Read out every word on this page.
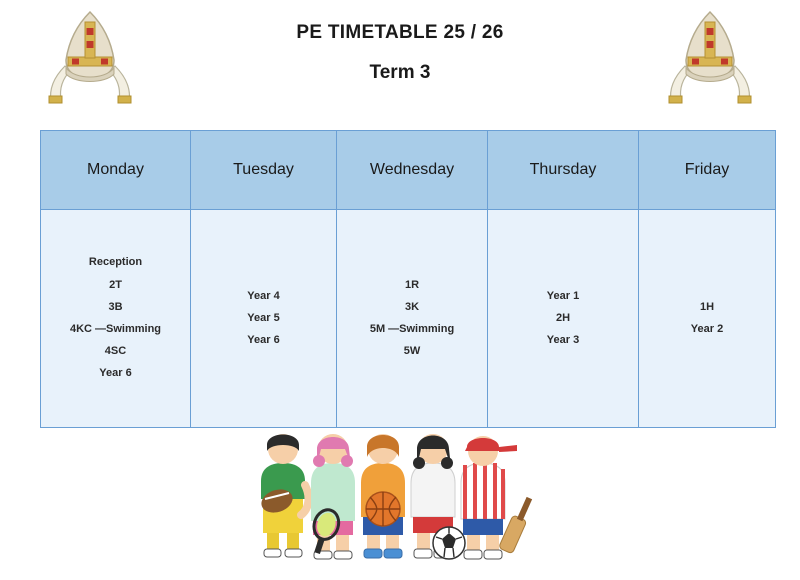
PE TIMETABLE 25 / 26
Term 3
Monday	Tuesday	Wednesday	Thursday	Friday

Reception
2T
3B
4KC —Swimming
4SC
Year 6

Year 4
Year 5
Year 6

1R
3K
5M —Swimming
5W

Year 1
2H
Year 3

1H
Year 2
